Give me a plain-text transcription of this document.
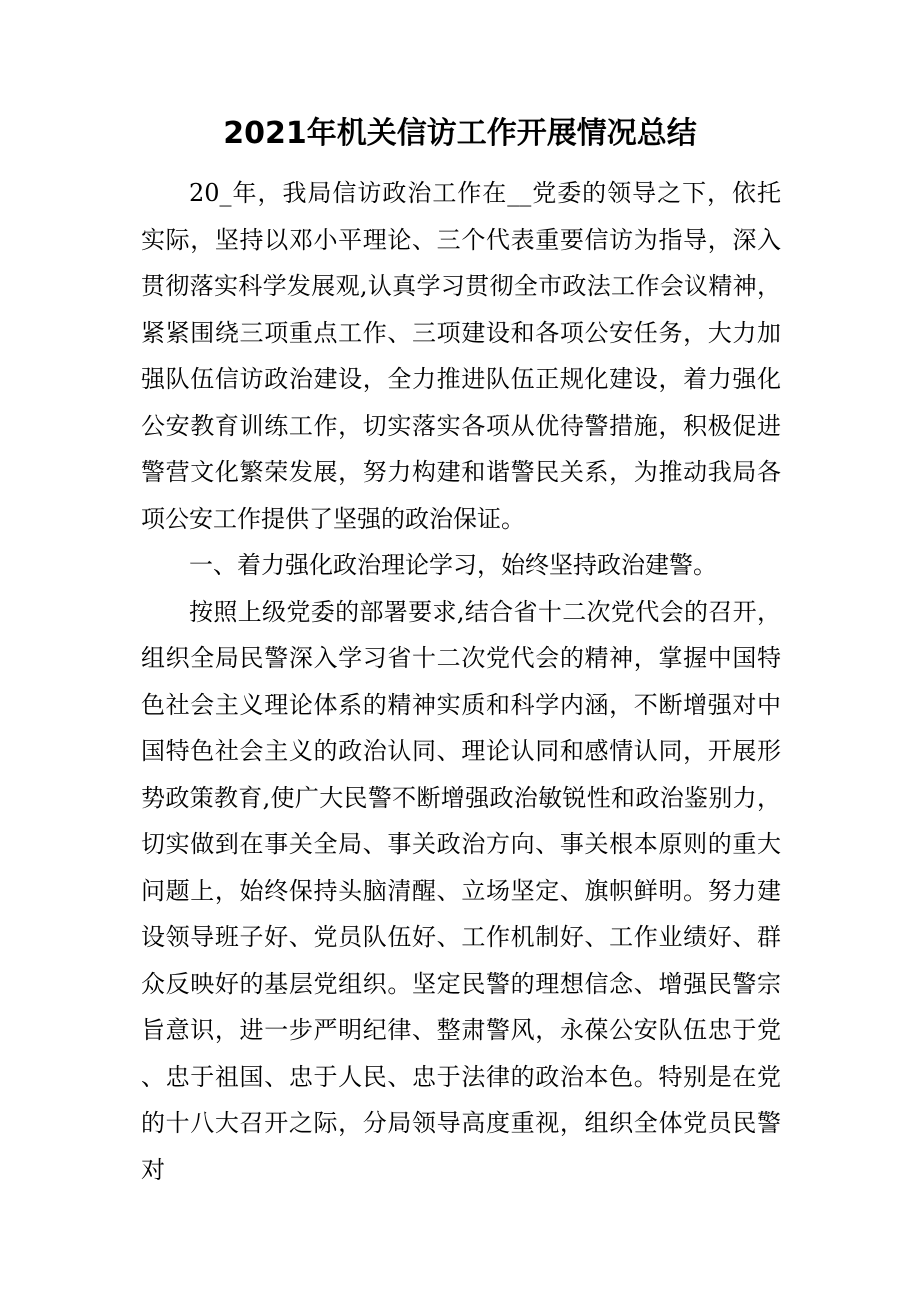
2021年机关信访工作开展情况总结

20_年，我局信访政治工作在__党委的领导之下，依托实际，坚持以邓小平理论、三个代表重要信访为指导，深入贯彻落实科学发展观,认真学习贯彻全市政法工作会议精神，紧紧围绕三项重点工作、三项建设和各项公安任务，大力加强队伍信访政治建设，全力推进队伍正规化建设，着力强化公安教育训练工作，切实落实各项从优待警措施，积极促进警营文化繁荣发展，努力构建和谐警民关系，为推动我局各项公安工作提供了坚强的政治保证。

一、着力强化政治理论学习，始终坚持政治建警。

按照上级党委的部署要求,结合省十二次党代会的召开，组织全局民警深入学习省十二次党代会的精神，掌握中国特色社会主义理论体系的精神实质和科学内涵，不断增强对中国特色社会主义的政治认同、理论认同和感情认同，开展形势政策教育,使广大民警不断增强政治敏锐性和政治鉴别力，切实做到在事关全局、事关政治方向、事关根本原则的重大问题上，始终保持头脑清醒、立场坚定、旗帜鲜明。努力建设领导班子好、党员队伍好、工作机制好、工作业绩好、群众反映好的基层党组织。坚定民警的理想信念、增强民警宗旨意识，进一步严明纪律、整肃警风，永葆公安队伍忠于党、忠于祖国、忠于人民、忠于法律的政治本色。特别是在党的十八大召开之际，分局领导高度重视，组织全体党员民警对
